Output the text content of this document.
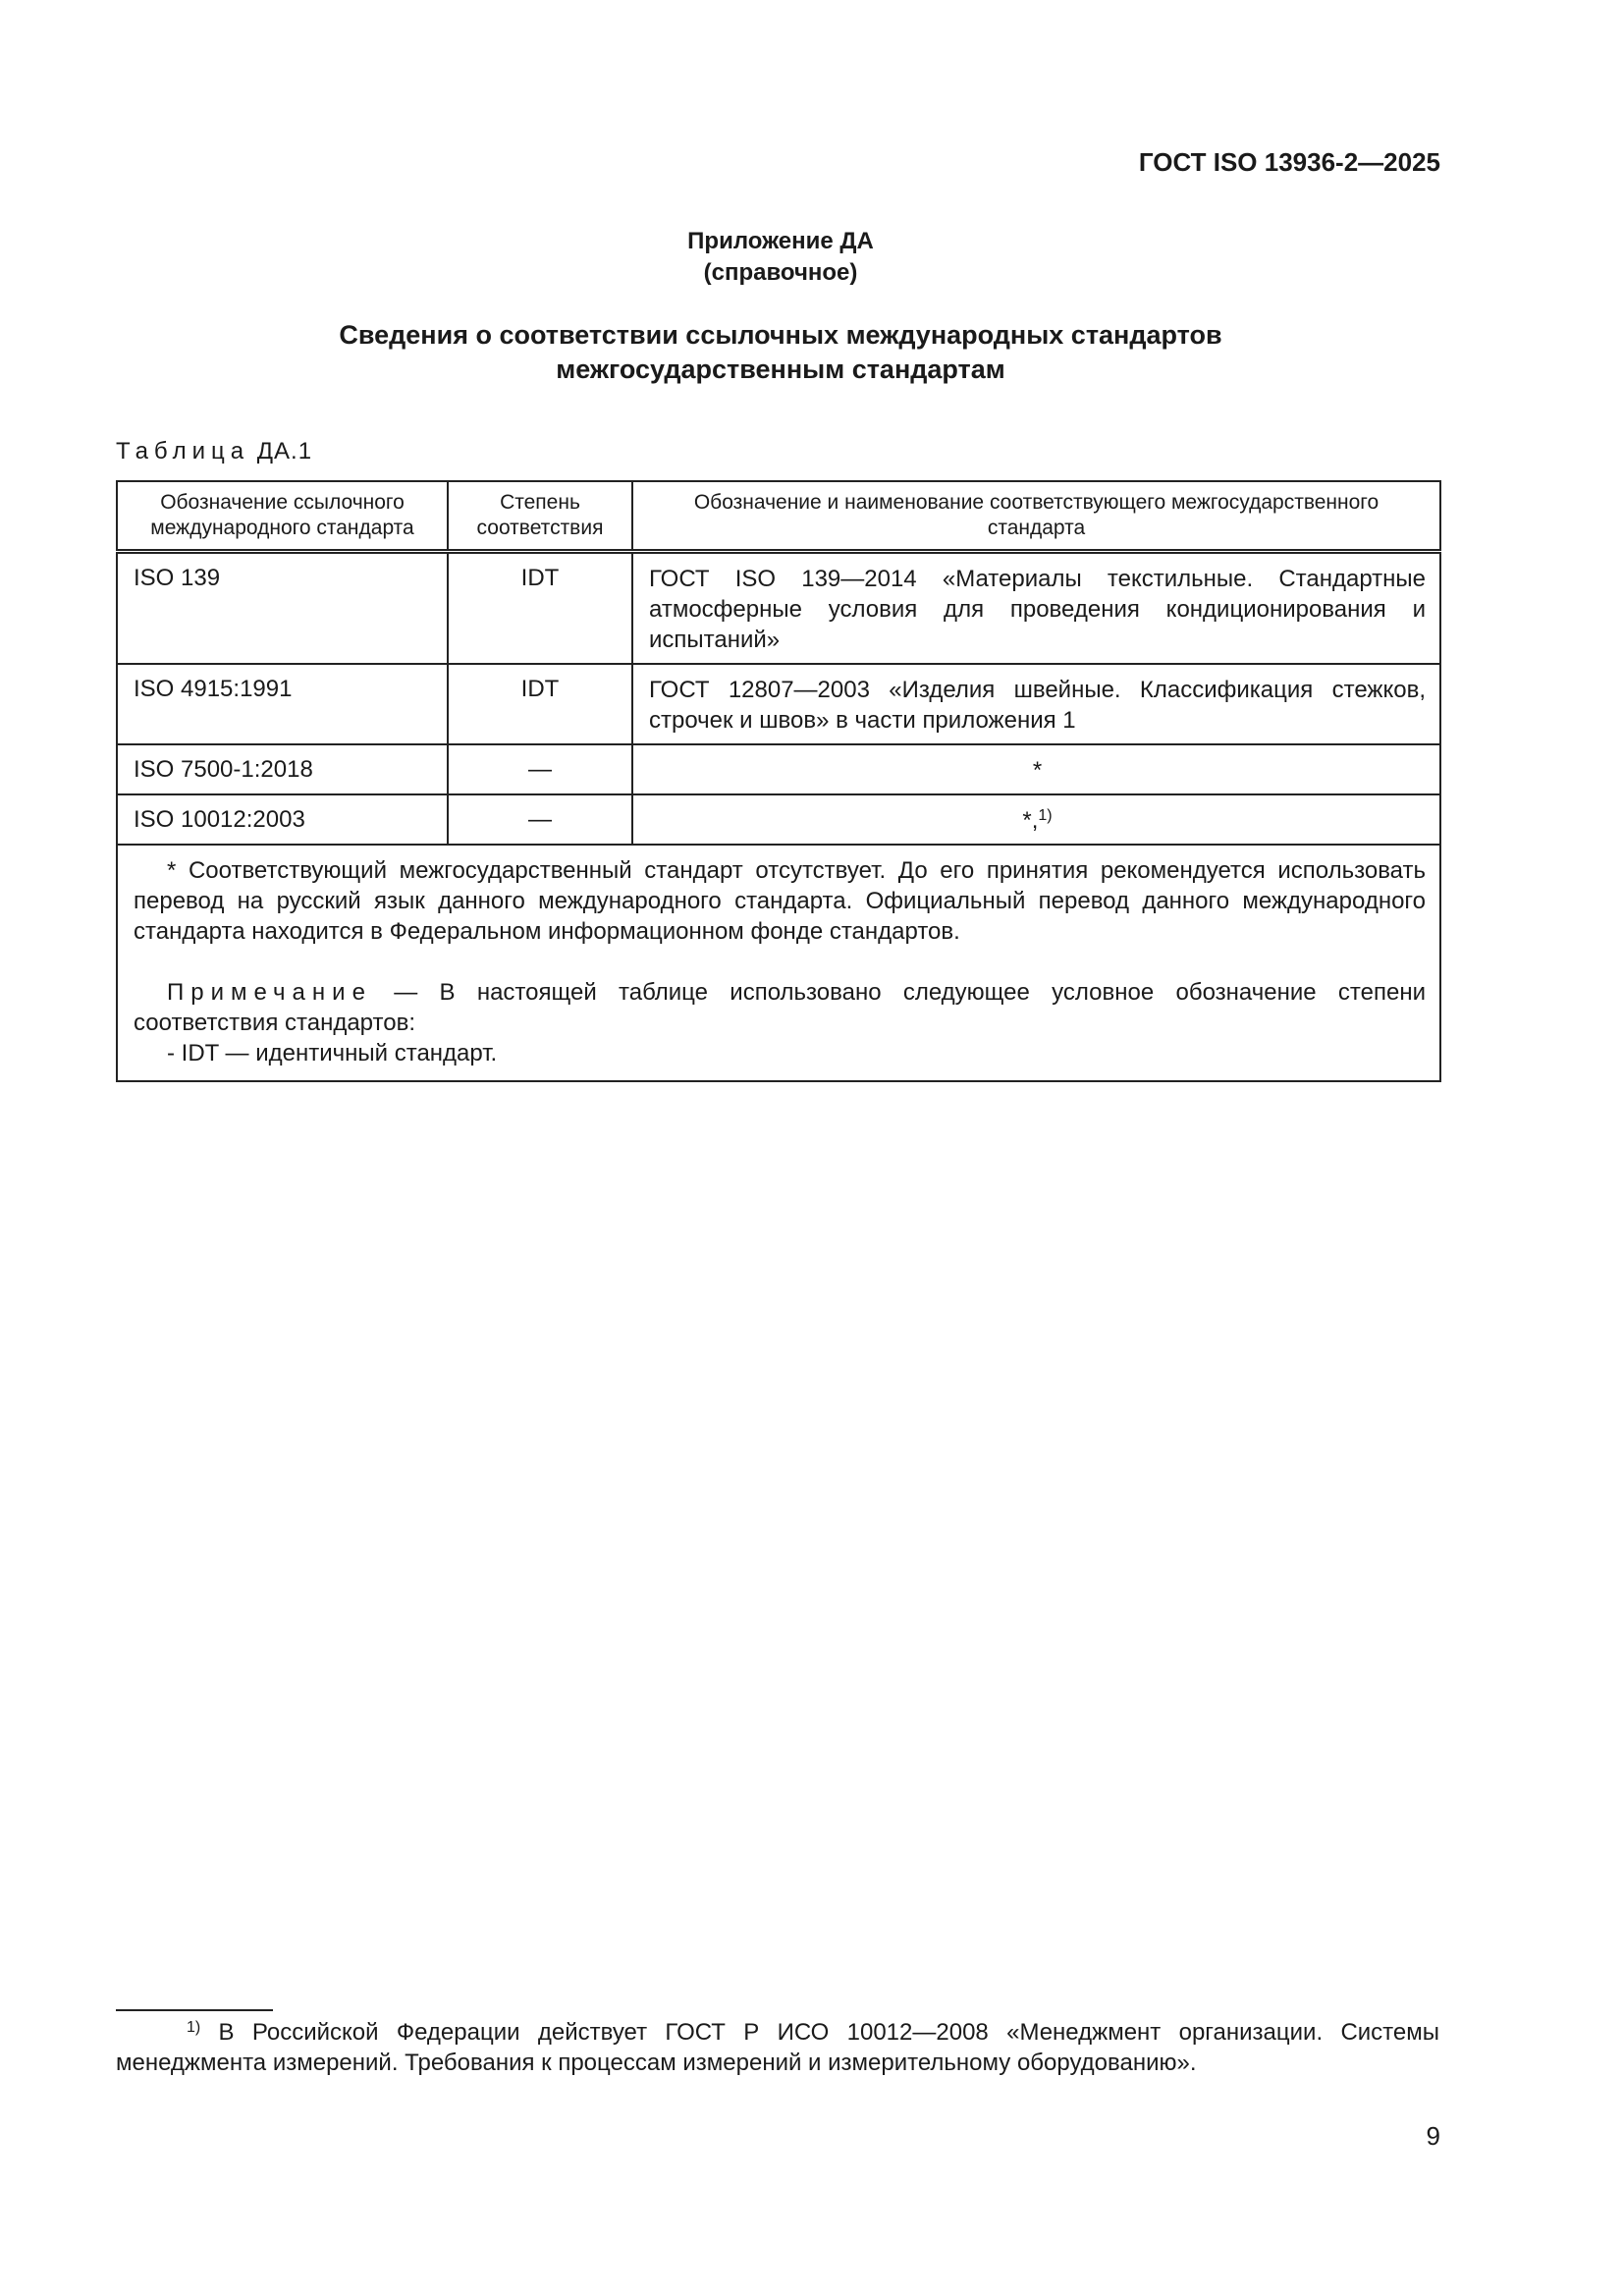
ГОСТ ISO 13936-2—2025
Приложение ДА
(справочное)
Сведения о соответствии ссылочных международных стандартов
межгосударственным стандартам
Таблица ДА.1
Обозначение ссылочного международного стандарта	Степень соответствия	Обозначение и наименование соответствующего межгосударственного стандарта
ISO 139	IDT	ГОСТ ISO 139—2014 «Материалы текстильные. Стандартные атмосферные условия для проведения кондиционирования и испытаний»
ISO 4915:1991	IDT	ГОСТ 12807—2003 «Изделия швейные. Классификация стежков, строчек и швов» в части приложения 1
ISO 7500-1:2018	—	*
ISO 10012:2003	—	*,$^{1)}$

* Соответствующий межгосударственный стандарт отсутствует. До его принятия рекомендуется использовать перевод на русский язык данного международного стандарта. Официальный перевод данного международного стандарта находится в Федеральном информационном фонде стандартов.

Примечание — В настоящей таблице использовано следующее условное обозначение степени соответствия стандартов:

- IDT — идентичный стандарт.		
$^{1)}$ В Российской Федерации действует ГОСТ Р ИСО 10012—2008 «Менеджмент организации. Системы менеджмента измерений. Требования к процессам измерений и измерительному оборудованию».
9
